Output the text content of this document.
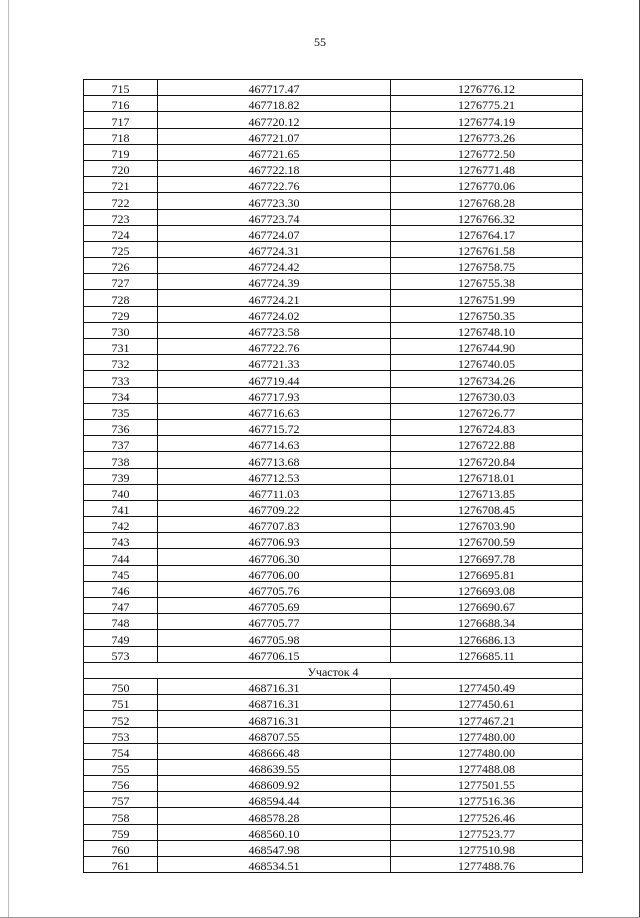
55
715	467717.47	1276776.12
716	467718.82	1276775.21
717	467720.12	1276774.19
718	467721.07	1276773.26
719	467721.65	1276772.50
720	467722.18	1276771.48
721	467722.76	1276770.06
722	467723.30	1276768.28
723	467723.74	1276766.32
724	467724.07	1276764.17
725	467724.31	1276761.58
726	467724.42	1276758.75
727	467724.39	1276755.38
728	467724.21	1276751.99
729	467724.02	1276750.35
730	467723.58	1276748.10
731	467722.76	1276744.90
732	467721.33	1276740.05
733	467719.44	1276734.26
734	467717.93	1276730.03
735	467716.63	1276726.77
736	467715.72	1276724.83
737	467714.63	1276722.88
738	467713.68	1276720.84
739	467712.53	1276718.01
740	467711.03	1276713.85
741	467709.22	1276708.45
742	467707.83	1276703.90
743	467706.93	1276700.59
744	467706.30	1276697.78
745	467706.00	1276695.81
746	467705.76	1276693.08
747	467705.69	1276690.67
748	467705.77	1276688.34
749	467705.98	1276686.13
573	467706.15	1276685.11
Участок 4		
750	468716.31	1277450.49
751	468716.31	1277450.61
752	468716.31	1277467.21
753	468707.55	1277480.00
754	468666.48	1277480.00
755	468639.55	1277488.08
756	468609.92	1277501.55
757	468594.44	1277516.36
758	468578.28	1277526.46
759	468560.10	1277523.77
760	468547.98	1277510.98
761	468534.51	1277488.76
